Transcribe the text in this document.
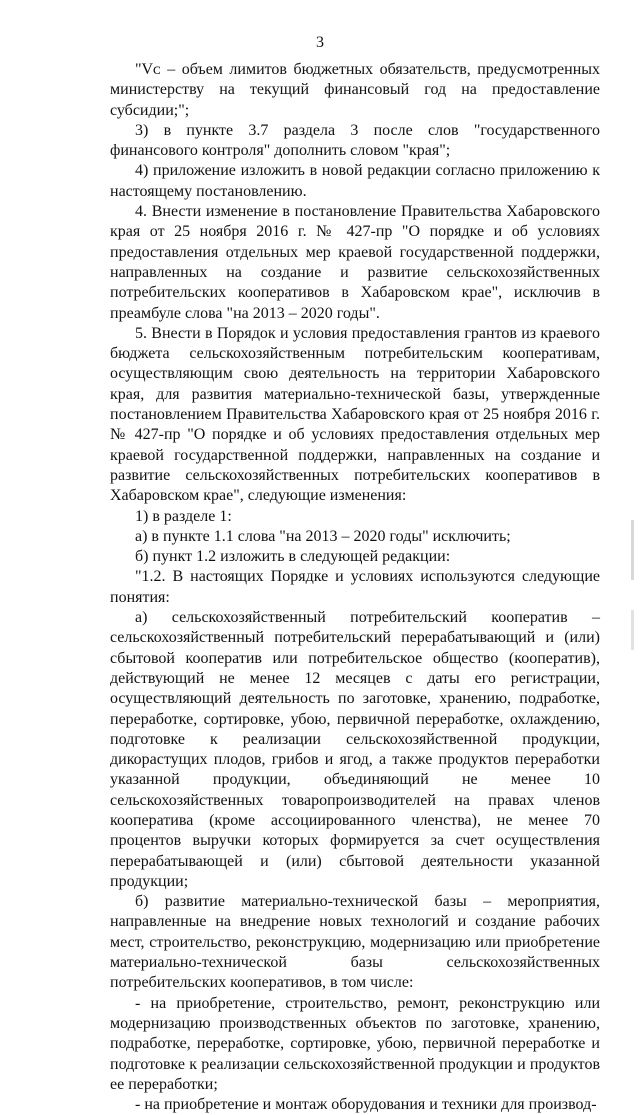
3

"Vᴄ – объем лимитов бюджетных обязательств, предусмотренных министерству на текущий финансовый год на предоставление субсидии;";

3) в пункте 3.7 раздела 3 после слов "государственного финансового контроля" дополнить словом "края";

4) приложение изложить в новой редакции согласно приложению к настоящему постановлению.

4. Внести изменение в постановление Правительства Хабаровского края от 25 ноября 2016 г. № 427-пр "О порядке и об условиях предоставления отдельных мер краевой государственной поддержки, направленных на создание и развитие сельскохозяйственных потребительских кооперативов в Хабаровском крае", исключив в преамбуле слова "на 2013 – 2020 годы".

5. Внести в Порядок и условия предоставления грантов из краевого бюджета сельскохозяйственным потребительским кооперативам, осуществляющим свою деятельность на территории Хабаровского края, для развития материально-технической базы, утвержденные постановлением Правительства Хабаровского края от 25 ноября 2016 г. № 427-пр "О порядке и об условиях предоставления отдельных мер краевой государственной поддержки, направленных на создание и развитие сельскохозяйственных потребительских кооперативов в Хабаровском крае", следующие изменения:

1) в разделе 1:

а) в пункте 1.1 слова "на 2013 – 2020 годы" исключить;

б) пункт 1.2 изложить в следующей редакции:

"1.2. В настоящих Порядке и условиях используются следующие понятия:

а) сельскохозяйственный потребительский кооператив – сельскохозяйственный потребительский перерабатывающий и (или) сбытовой кооператив или потребительское общество (кооператив), действующий не менее 12 месяцев с даты его регистрации, осуществляющий деятельность по заготовке, хранению, подработке, переработке, сортировке, убою, первичной переработке, охлаждению, подготовке к реализации сельскохозяйственной продукции, дикорастущих плодов, грибов и ягод, а также продуктов переработки указанной продукции, объединяющий не менее 10 сельскохозяйственных товаропроизводителей на правах членов кооператива (кроме ассоциированного членства), не менее 70 процентов выручки которых формируется за счет осуществления перерабатывающей и (или) сбытовой деятельности указанной продукции;

б) развитие материально-технической базы – мероприятия, направленные на внедрение новых технологий и создание рабочих мест, строительство, реконструкцию, модернизацию или приобретение материально-технической базы сельскохозяйственных потребительских кооперативов, в том числе:

- на приобретение, строительство, ремонт, реконструкцию или модернизацию производственных объектов по заготовке, хранению, подработке, переработке, сортировке, убою, первичной переработке и подготовке к реализации сельскохозяйственной продукции и продуктов ее переработки;

- на приобретение и монтаж оборудования и техники для производ-
